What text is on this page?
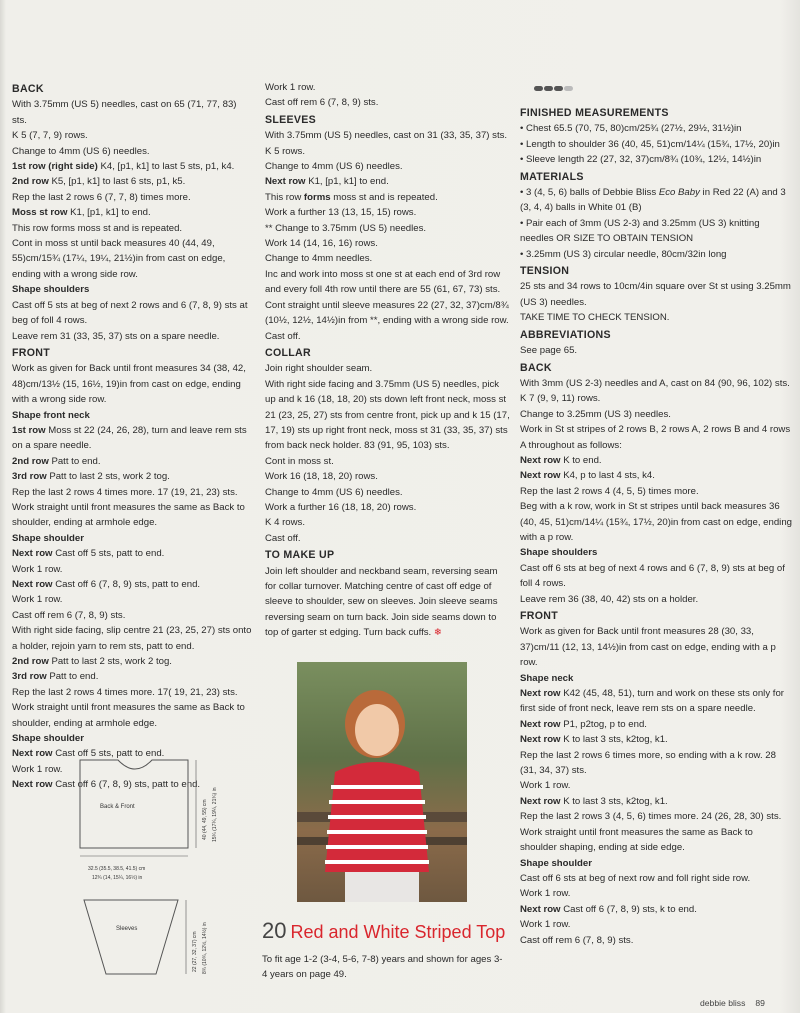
BACK
With 3.75mm (US 5) needles, cast on 65 (71, 77, 83) sts.
K 5 (7, 7, 9) rows.
Change to 4mm (US 6) needles.
1st row (right side) K4, [p1, k1] to last 5 sts, p1, k4.
2nd row K5, [p1, k1] to last 6 sts, p1, k5.
Rep the last 2 rows 6 (7, 7, 8) times more.
Moss st row K1, [p1, k1] to end.
This row forms moss st and is repeated.
Cont in moss st until back measures 40 (44, 49, 55)cm/15¾ (17¼, 19¼, 21½)in from cast on edge, ending with a wrong side row.
Shape shoulders
Cast off 5 sts at beg of next 2 rows and 6 (7, 8, 9) sts at beg of foll 4 rows.
Leave rem 31 (33, 35, 37) sts on a spare needle.
FRONT
Work as given for Back until front measures 34 (38, 42, 48)cm/13½ (15, 16½, 19)in from cast on edge, ending with a wrong side row.
Shape front neck
1st row Moss st 22 (24, 26, 28), turn and leave rem sts on a spare needle.
2nd row Patt to end.
3rd row Patt to last 2 sts, work 2 tog.
Rep the last 2 rows 4 times more. 17 (19, 21, 23) sts.
Work straight until front measures the same as Back to shoulder, ending at armhole edge.
Shape shoulder
Next row Cast off 5 sts, patt to end.
Work 1 row.
Next row Cast off 6 (7, 8, 9) sts, patt to end.
Work 1 row.
Cast off rem 6 (7, 8, 9) sts.
With right side facing, slip centre 21 (23, 25, 27) sts onto a holder, rejoin yarn to rem sts, patt to end.
2nd row Patt to last 2 sts, work 2 tog.
3rd row Patt to end.
Rep the last 2 rows 4 times more. 17( 19, 21, 23) sts.
Work straight until front measures the same as Back to shoulder, ending at armhole edge.
Shape shoulder
Next row Cast off 5 sts, patt to end.
Work 1 row.
Next row Cast off 6 (7, 8, 9) sts, patt to end.
Back & Front	40 (44, 49, 55) cm 15¾ (17¼, 19¼, 21¾) in
32.5 (35.5, 38.5, 41.5) cm
12¾ (14, 15¼, 16½) in
Sleeves
22 (27, 32, 37) cm 8¾ (10¾, 12½, 14½) in
Work 1 row.
Cast off rem 6 (7, 8, 9) sts.
SLEEVES
With 3.75mm (US 5) needles, cast on 31 (33, 35, 37) sts.
K 5 rows.
Change to 4mm (US 6) needles.
Next row K1, [p1, k1] to end.
This row forms moss st and is repeated.
Work a further 13 (13, 15, 15) rows.
** Change to 3.75mm (US 5) needles.
Work 14 (14, 16, 16) rows.
Change to 4mm needles.
Inc and work into moss st one st at each end of 3rd row and every foll 4th row until there are 55 (61, 67, 73) sts.
Cont straight until sleeve measures 22 (27, 32, 37)cm/8¾ (10½, 12½, 14½)in from **, ending with a wrong side row.
Cast off.
COLLAR
Join right shoulder seam.
With right side facing and 3.75mm (US 5) needles, pick up and k 16 (18, 18, 20) sts down left front neck, moss st 21 (23, 25, 27) sts from centre front, pick up and k 15 (17, 17, 19) sts up right front neck, moss st 31 (33, 35, 37) sts from back neck holder. 83 (91, 95, 103) sts.
Cont in moss st.
Work 16 (18, 18, 20) rows.
Change to 4mm (US 6) needles.
Work a further 16 (18, 18, 20) rows.
K 4 rows.
Cast off.
TO MAKE UP
Join left shoulder and neckband seam, reversing seam for collar turnover. Matching centre of cast off edge of sleeve to shoulder, sew on sleeves. Join sleeve seams reversing seam on turn back. Join side seams down to top of garter st edging. Turn back cuffs. ❄
20 Red and White Striped Top
To fit age 1-2 (3-4, 5-6, 7-8) years and shown for ages 3-4 years on page 49.
FINISHED MEASUREMENTS
• Chest 65.5 (70, 75, 80)cm/25¾ (27½, 29½, 31½)in
• Length to shoulder 36 (40, 45, 51)cm/14¼ (15¾, 17½, 20)in
• Sleeve length 22 (27, 32, 37)cm/8¾ (10¾, 12½, 14½)in
MATERIALS
• 3 (4, 5, 6) balls of Debbie Bliss Eco Baby in Red 22 (A) and 3 (3, 4, 4) balls in White 01 (B)
• Pair each of 3mm (US 2-3) and 3.25mm (US 3) knitting needles OR SIZE TO OBTAIN TENSION
• 3.25mm (US 3) circular needle, 80cm/32in long
TENSION
25 sts and 34 rows to 10cm/4in square over St st using 3.25mm (US 3) needles.
TAKE TIME TO CHECK TENSION.
ABBREVIATIONS
See page 65.
BACK
With 3mm (US 2-3) needles and A, cast on 84 (90, 96, 102) sts.
K 7 (9, 9, 11) rows.
Change to 3.25mm (US 3) needles.
Work in St st stripes of 2 rows B, 2 rows A, 2 rows B and 4 rows A throughout as follows:
Next row K to end.
Next row K4, p to last 4 sts, k4.
Rep the last 2 rows 4 (4, 5, 5) times more.
Beg with a k row, work in St st stripes until back measures 36 (40, 45, 51)cm/14¼ (15¾, 17½, 20)in from cast on edge, ending with a p row.
Shape shoulders
Cast off 6 sts at beg of next 4 rows and 6 (7, 8, 9) sts at beg of foll 4 rows.
Leave rem 36 (38, 40, 42) sts on a holder.
FRONT
Work as given for Back until front measures 28 (30, 33, 37)cm/11 (12, 13, 14½)in from cast on edge, ending with a p row.
Shape neck
Next row K42 (45, 48, 51), turn and work on these sts only for first side of front neck, leave rem sts on a spare needle.
Next row P1, p2tog, p to end.
Next row K to last 3 sts, k2tog, k1.
Rep the last 2 rows 6 times more, so ending with a k row. 28 (31, 34, 37) sts.
Work 1 row.
Next row K to last 3 sts, k2tog, k1.
Rep the last 2 rows 3 (4, 5, 6) times more. 24 (26, 28, 30) sts.
Work straight until front measures the same as Back to shoulder shaping, ending at side edge.
Shape shoulder
Cast off 6 sts at beg of next row and foll right side row.
Work 1 row.
Next row Cast off 6 (7, 8, 9) sts, k to end.
Work 1 row.
Cast off rem 6 (7, 8, 9) sts.
debbie bliss 89
